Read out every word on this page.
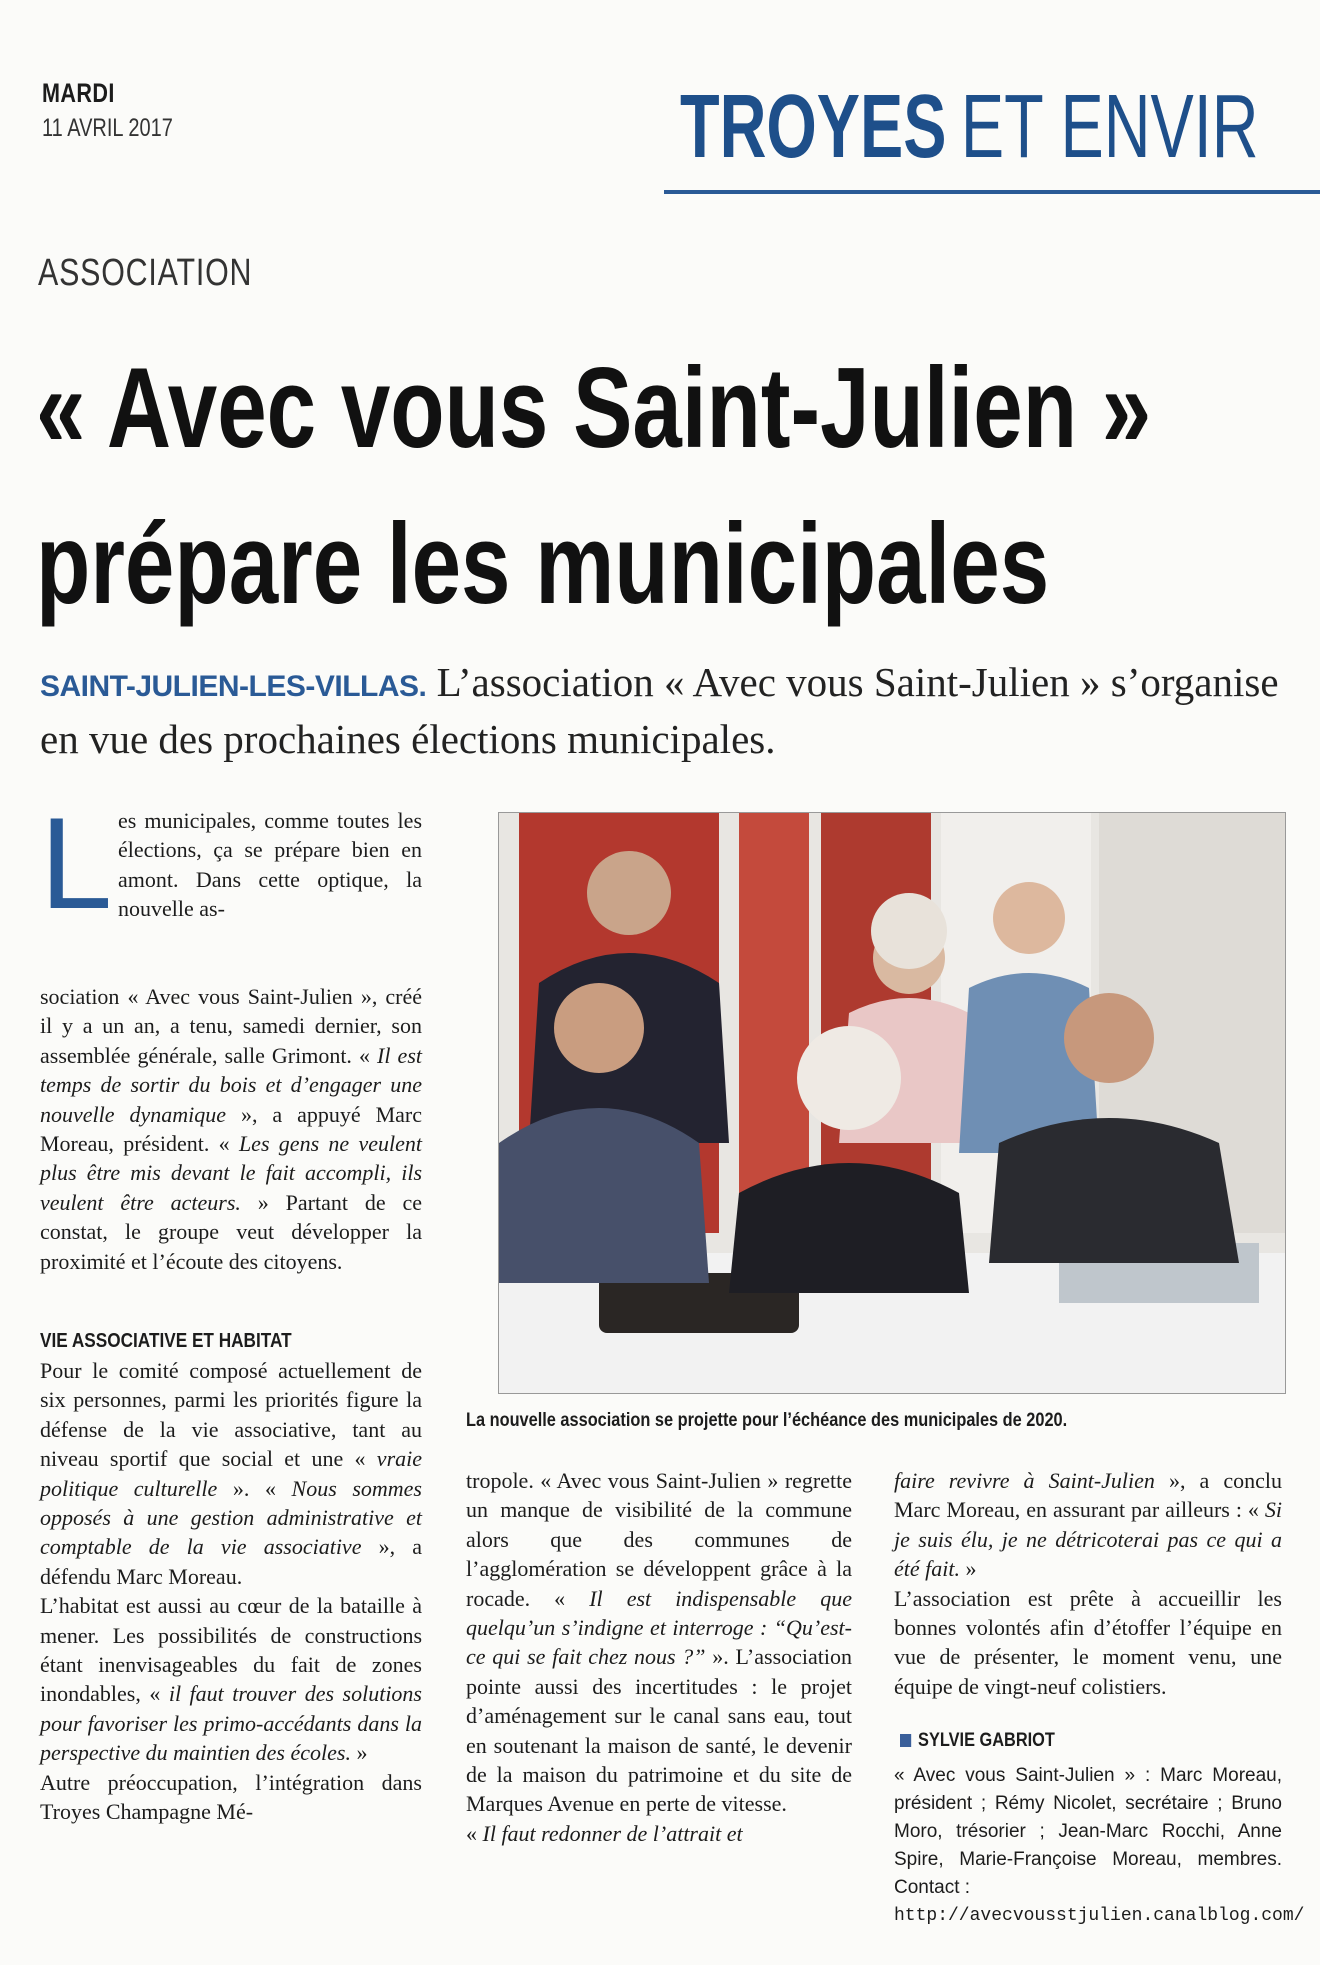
MARDI
11 AVRIL 2017	TROYES ET ENVIR
ASSOCIATION
« Avec vous Saint-Julien »
prépare les municipales
SAINT-JULIEN-LES-VILLAS. L’association « Avec vous Saint-Julien » s’organise en vue des prochaines élections municipales.
L es municipales, comme toutes les élections, ça se prépare bien en amont. Dans cette optique, la nouvelle as-
sociation « Avec vous Saint-Julien », créé il y a un an, a tenu, samedi dernier, son assemblée générale, salle Grimont. « Il est temps de sortir du bois et d’engager une nouvelle dynamique », a appuyé Marc Moreau, président. « Les gens ne veulent plus être mis devant le fait accompli, ils veulent être acteurs. » Partant de ce constat, le groupe veut développer la proximité et l’écoute des citoyens.
VIE ASSOCIATIVE ET HABITAT

Pour le comité composé actuellement de six personnes, parmi les priorités figure la défense de la vie associative, tant au niveau sportif que social et une « vraie politique culturelle ». « Nous sommes opposés à une gestion administrative et comptable de la vie associative », a défendu Marc Moreau.

L’habitat est aussi au cœur de la bataille à mener. Les possibilités de constructions étant inenvisageables du fait de zones inondables, « il faut trouver des solutions pour favoriser les primo-accédants dans la perspective du maintien des écoles. »

Autre préoccupation, l’intégration dans Troyes Champagne Mé-

La nouvelle association se projette pour l’échéance des municipales de 2020.

tropole. « Avec vous Saint-Julien » regrette un manque de visibilité de la commune alors que des communes de l’agglomération se développent grâce à la rocade. « Il est indispensable que quelqu’un s’indigne et interroge : “Qu’est-ce qui se fait chez nous ?” ». L’association pointe aussi des incertitudes : le projet d’aménagement sur le canal sans eau, tout en soutenant la maison de santé, le devenir de la maison du patrimoine et du site de Marques Avenue en perte de vitesse.

« Il faut redonner de l’attrait et

faire revivre à Saint-Julien », a conclu Marc Moreau, en assurant par ailleurs : « Si je suis élu, je ne détricoterai pas ce qui a été fait. »

L’association est prête à accueillir les bonnes volontés afin d’étoffer l’équipe en vue de présenter, le moment venu, une équipe de vingt-neuf colistiers.

SYLVIE GABRIOT
« Avec vous Saint-Julien » : Marc Moreau, président ; Rémy Nicolet, secrétaire ; Bruno Moro, trésorier ; Jean-Marc Rocchi, Anne Spire, Marie-Françoise Moreau, membres. Contact :
http://avecvousstjulien.canalblog.com/
